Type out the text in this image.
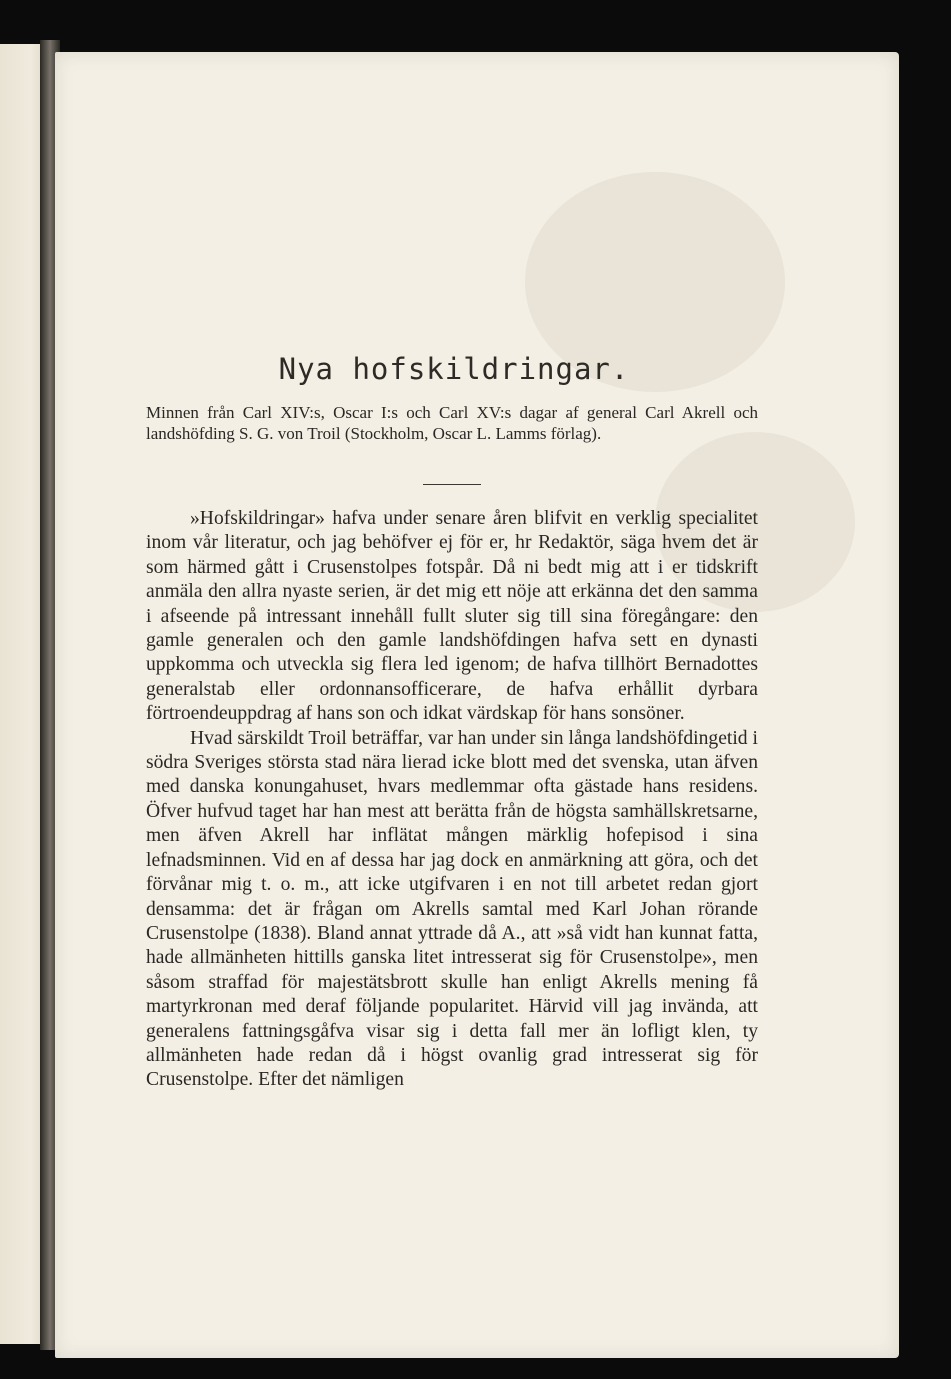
Nya hofskildringar.

Minnen från Carl XIV:s, Oscar I:s och Carl XV:s dagar af general Carl Akrell och landshöfding S. G. von Troil (Stockholm, Oscar L. Lamms förlag).

»Hofskildringar» hafva under senare åren blifvit en verklig specialitet inom vår literatur, och jag behöfver ej för er, hr Redaktör, säga hvem det är som härmed gått i Crusenstolpes fotspår. Då ni bedt mig att i er tidskrift anmäla den allra nyaste serien, är det mig ett nöje att erkänna det den samma i afseende på intressant innehåll fullt sluter sig till sina föregångare: den gamle generalen och den gamle landshöfdingen hafva sett en dynasti uppkomma och utveckla sig flera led igenom; de hafva tillhört Bernadottes generalstab eller ordonnansofficerare, de hafva erhållit dyrbara förtroendeuppdrag af hans son och idkat värdskap för hans sonsöner.

Hvad särskildt Troil beträffar, var han under sin långa landshöfdingetid i södra Sveriges största stad nära lierad icke blott med det svenska, utan äfven med danska konungahuset, hvars medlemmar ofta gästade hans residens. Öfver hufvud taget har han mest att berätta från de högsta samhällskretsarne, men äfven Akrell har inflätat mången märklig hofepisod i sina lefnadsminnen. Vid en af dessa har jag dock en anmärkning att göra, och det förvånar mig t. o. m., att icke utgifvaren i en not till arbetet redan gjort densamma: det är frågan om Akrells samtal med Karl Johan rörande Crusenstolpe (1838). Bland annat yttrade då A., att »så vidt han kunnat fatta, hade allmänheten hittills ganska litet intresserat sig för Crusenstolpe», men såsom straffad för majestätsbrott skulle han enligt Akrells mening få martyrkronan med deraf följande popularitet. Härvid vill jag invända, att generalens fattningsgåfva visar sig i detta fall mer än lofligt klen, ty allmänheten hade redan då i högst ovanlig grad intresserat sig för Crusenstolpe. Efter det nämligen
